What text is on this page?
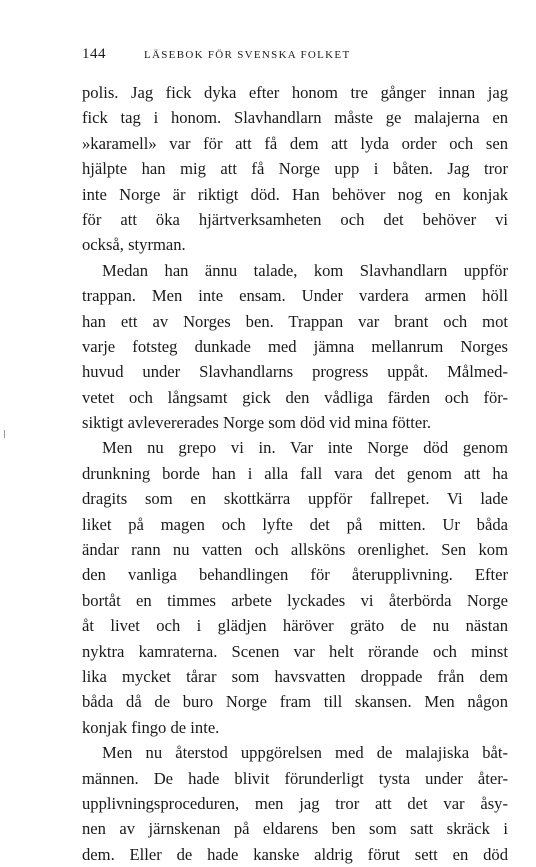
144	LÄSEBOK FÖR SVENSKA FOLKET
polis. Jag fick dyka efter honom tre gånger innan jag
fick tag i honom. Slavhandlarn måste ge malajerna en
»karamell» var för att få dem att lyda order och sen
hjälpte han mig att få Norge upp i båten. Jag tror
inte Norge är riktigt död. Han behöver nog en konjak
för att öka hjärtverksamheten och det behöver vi
också, styrman.
Medan han ännu talade, kom Slavhandlarn uppför
trappan. Men inte ensam. Under vardera armen höll
han ett av Norges ben. Trappan var brant och mot
varje fotsteg dunkade med jämna mellanrum Norges
huvud under Slavhandlarns progress uppåt. Målmed-
vetet och långsamt gick den vådliga färden och för-
siktigt avlevererades Norge som död vid mina fötter.
Men nu grepo vi in. Var inte Norge död genom
drunkning borde han i alla fall vara det genom att ha
dragits som en skottkärra uppför fallrepet. Vi lade
liket på magen och lyfte det på mitten. Ur båda
ändar rann nu vatten och allsköns orenlighet. Sen kom
den vanliga behandlingen för återupplivning. Efter
bortåt en timmes arbete lyckades vi återbörda Norge
åt livet och i glädjen häröver gräto de nu nästan
nyktra kamraterna. Scenen var helt rörande och minst
lika mycket tårar som havsvatten droppade från dem
båda då de buro Norge fram till skansen. Men någon
konjak fingo de inte.
Men nu återstod uppgörelsen med de malajiska båt-
männen. De hade blivit förunderligt tysta under åter-
upplivningsproceduren, men jag tror att det var åsy-
nen av järnskenan på eldarens ben som satt skräck i
dem. Eller de hade kanske aldrig förut sett en död
